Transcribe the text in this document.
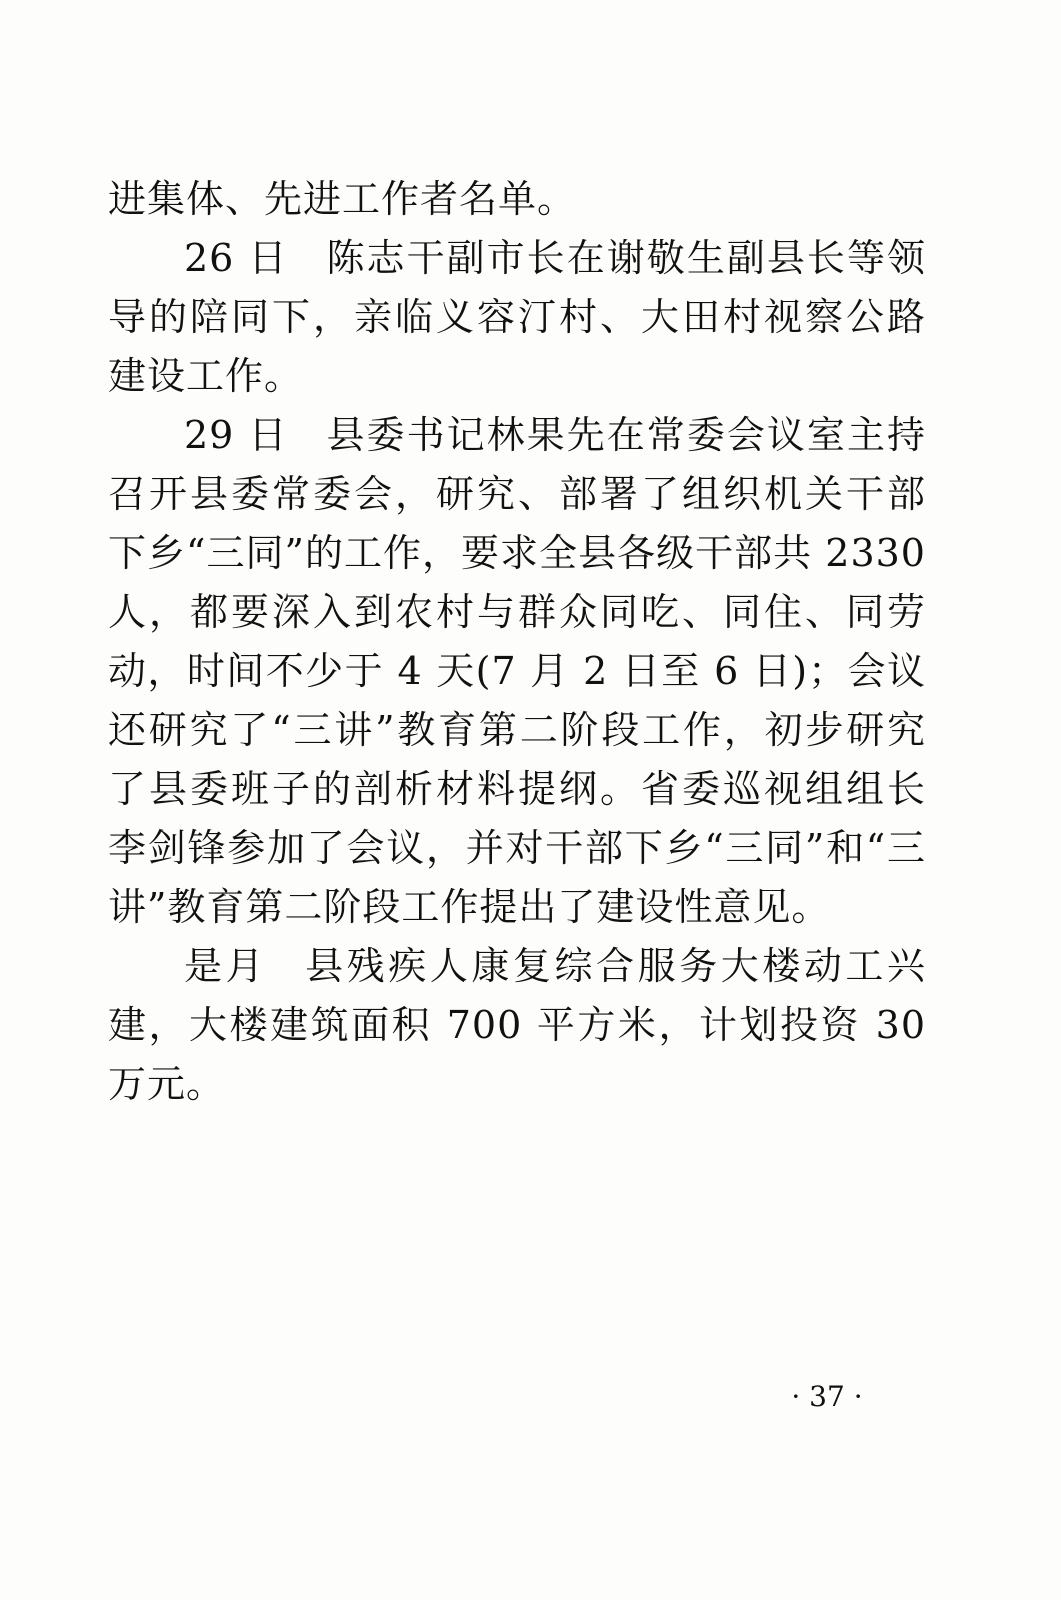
进集体、先进工作者名单。

26 日 陈志干副市长在谢敬生副县长等领导的陪同下，亲临义容汀村、大田村视察公路建设工作。

29 日 县委书记林果先在常委会议室主持召开县委常委会，研究、部署了组织机关干部下乡“三同”的工作，要求全县各级干部共 2330 人，都要深入到农村与群众同吃、同住、同劳动，时间不少于 4 天(7 月 2 日至 6 日)；会议还研究了“三讲”教育第二阶段工作，初步研究了县委班子的剖析材料提纲。省委巡视组组长李剑锋参加了会议，并对干部下乡“三同”和“三讲”教育第二阶段工作提出了建设性意见。

是月 县残疾人康复综合服务大楼动工兴建，大楼建筑面积 700 平方米，计划投资 30 万元。

· 37 ·
